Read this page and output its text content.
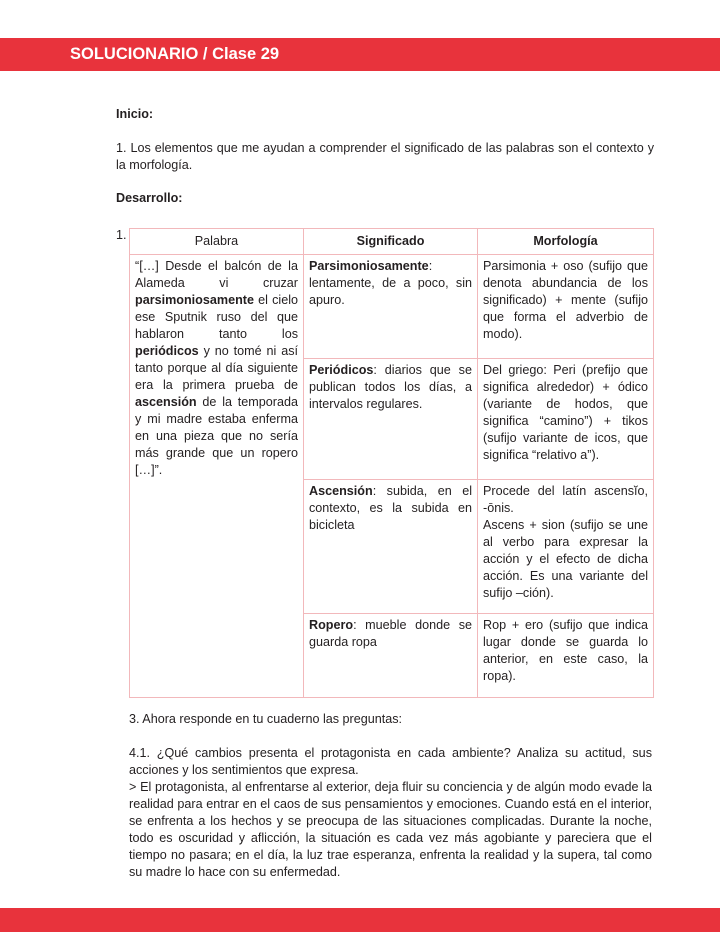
SOLUCIONARIO / Clase 29
Inicio:
1. Los elementos que me ayudan a comprender el significado de las palabras son el contexto y la morfología.
Desarrollo:
1.	Palabra	Significado	Morfología
“[…] Desde el balcón de la Alameda vi cruzar parsimoniosamente el cielo ese Sputnik ruso del que hablaron tanto los periódicos y no tomé ni así tanto porque al día siguiente era la primera prueba de ascensión de la temporada y mi madre estaba enferma en una pieza que no sería más grande que un ropero […]”.	Parsimoniosamente: lentamente, de a poco, sin apuro.	Parsimonia + oso (sufijo que denota abundancia de los significado) + mente (sufijo que forma el adverbio de modo).
	Periódicos: diarios que se publican todos los días, a intervalos regulares.	Del griego: Peri (prefijo que significa alrededor) + ódico (variante de hodos, que significa “camino”) + tikos (sufijo variante de icos, que significa “relativo a”).
	Ascensión: subida, en el contexto, es la subida en bicicleta	Procede del latín ascensĭo, -ōnis.
Ascens + sion (sufijo se une al verbo para expresar la acción y el efecto de dicha acción. Es una variante del sufijo –ción).

	Ropero: mueble donde se guarda ropa	Rop + ero (sufijo que indica lugar donde se guarda lo anterior, en este caso, la ropa).
3. Ahora responde en tu cuaderno las preguntas:
4.1. ¿Qué cambios presenta el protagonista en cada ambiente? Analiza su actitud, sus acciones y los sentimientos que expresa.
> El protagonista, al enfrentarse al exterior, deja fluir su conciencia y de algún modo evade la realidad para entrar en el caos de sus pensamientos y emociones. Cuando está en el interior, se enfrenta a los hechos y se preocupa de las situaciones complicadas. Durante la noche, todo es oscuridad y aflicción, la situación es cada vez más agobiante y pareciera que el tiempo no pasara; en el día, la luz trae esperanza, enfrenta la realidad y la supera, tal como su madre lo hace con su enfermedad.
